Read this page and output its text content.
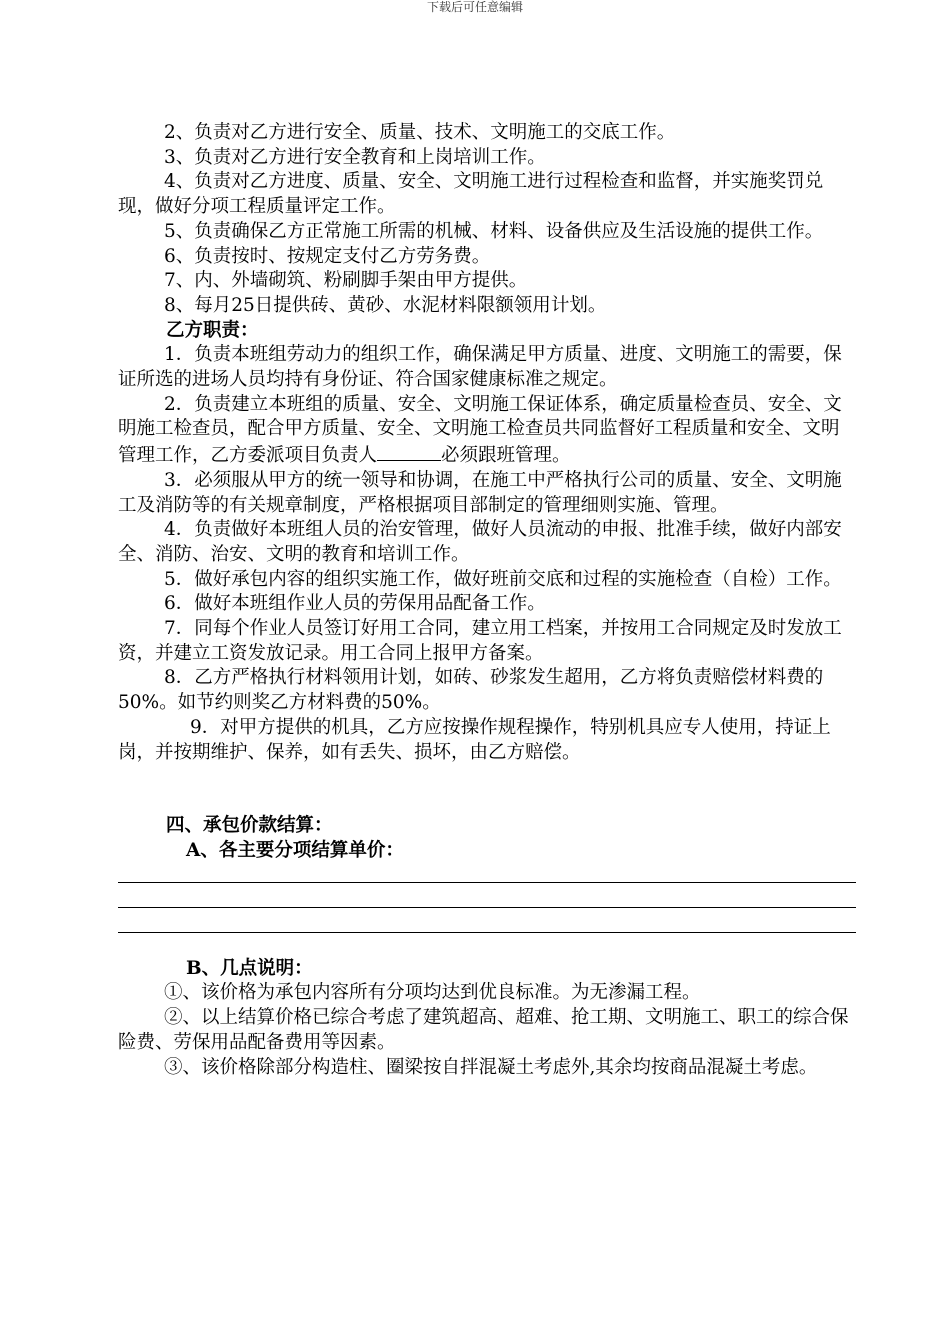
下载后可任意编辑

2、负责对乙方进行安全、质量、技术、文明施工的交底工作。

3、负责对乙方进行安全教育和上岗培训工作。

4、负责对乙方进度、质量、安全、文明施工进行过程检查和监督，并实施奖罚兑现，做好分项工程质量评定工作。

5、负责确保乙方正常施工所需的机械、材料、设备供应及生活设施的提供工作。

6、负责按时、按规定支付乙方劳务费。

7、内、外墙砌筑、粉刷脚手架由甲方提供。

8、每月25日提供砖、黄砂、水泥材料限额领用计划。

乙方职责：

1．负责本班组劳动力的组织工作，确保满足甲方质量、进度、文明施工的需要，保证所选的进场人员均持有身份证、符合国家健康标准之规定。

2．负责建立本班组的质量、安全、文明施工保证体系，确定质量检查员、安全、文明施工检查员，配合甲方质量、安全、文明施工检查员共同监督好工程质量和安全、文明管理工作，乙方委派项目负责人	必须跟班管理。

3．必须服从甲方的统一领导和协调，在施工中严格执行公司的质量、安全、文明施工及消防等的有关规章制度，严格根据项目部制定的管理细则实施、管理。

4．负责做好本班组人员的治安管理，做好人员流动的申报、批准手续，做好内部安全、消防、治安、文明的教育和培训工作。

5．做好承包内容的组织实施工作，做好班前交底和过程的实施检查（自检）工作。

6．做好本班组作业人员的劳保用品配备工作。

7．同每个作业人员签订好用工合同，建立用工档案，并按用工合同规定及时发放工资，并建立工资发放记录。用工合同上报甲方备案。

8．乙方严格执行材料领用计划，如砖、砂浆发生超用，乙方将负责赔偿材料费的50%。如节约则奖乙方材料费的50%。

9．对甲方提供的机具，乙方应按操作规程操作，特别机具应专人使用，持证上岗，并按期维护、保养，如有丢失、损坏，由乙方赔偿。

四、承包价款结算：

A、各主要分项结算单价：

B、几点说明：

①、该价格为承包内容所有分项均达到优良标准。为无渗漏工程。

②、以上结算价格已综合考虑了建筑超高、超难、抢工期、文明施工、职工的综合保险费、劳保用品配备费用等因素。

③、该价格除部分构造柱、圈梁按自拌混凝土考虑外,其余均按商品混凝土考虑。
